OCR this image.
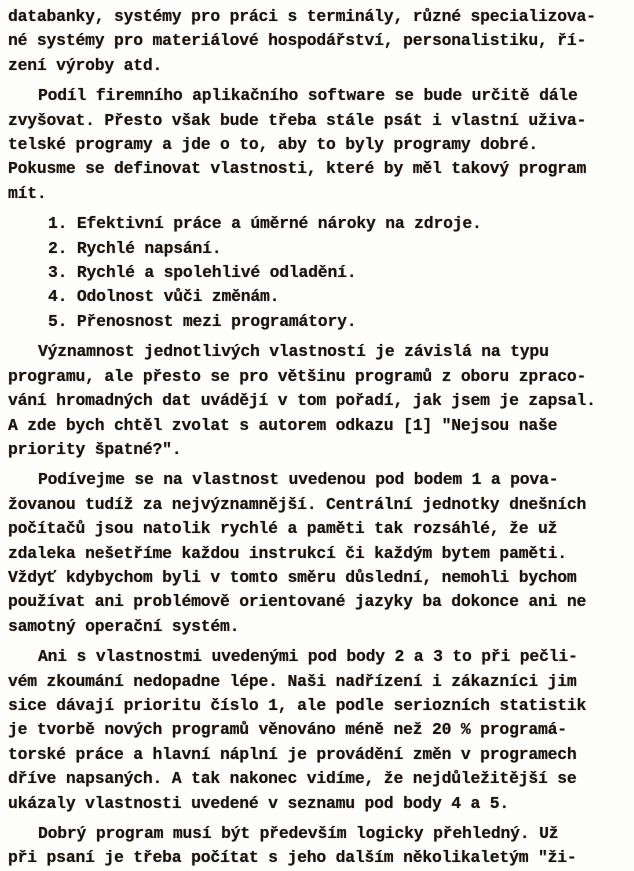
databanky, systémy pro práci s terminály, různé specializova-
né systémy pro materiálové hospodářství, personalistiku, ří-
zení výroby atd.
Podíl firemního aplikačního software se bude určitě dále
zvyšovat. Přesto však bude třeba stále psát i vlastní uživa-
telské programy a jde o to, aby to byly programy dobré.
Pokusme se definovat vlastnosti, které by měl takový program
mít.
1. Efektivní práce a úměrné nároky na zdroje.
2. Rychlé napsání.
3. Rychlé a spolehlivé odladění.
4. Odolnost vůči změnám.
5. Přenosnost mezi programátory.
Významnost jednotlivých vlastností je závislá na typu
programu, ale přesto se pro většinu programů z oboru zpraco-
vání hromadných dat uvádějí v tom pořadí, jak jsem je zapsal.
A zde bych chtěl zvolat s autorem odkazu [1] "Nejsou naše
priority špatné?".
Podívejme se na vlastnost uvedenou pod bodem 1 a pova-
žovanou tudíž za nejvýznamnější. Centrální jednotky dnešních
počítačů jsou natolik rychlé a paměti tak rozsáhlé, že už
zdaleka nešetříme každou instrukcí či každým bytem paměti.
Vždyť kdybychom byli v tomto směru důslední, nemohli bychom
používat ani problémově orientované jazyky ba dokonce ani ne
samotný operační systém.
Ani s vlastnostmi uvedenými pod body 2 a 3 to při pečli-
vém zkoumání nedopadne lépe. Naši nadřízení i zákazníci jim
sice dávají prioritu číslo 1, ale podle seriozních statistik
je tvorbě nových programů věnováno méně než 20 % programá-
torské práce a hlavní náplní je provádění změn v programech
dříve napsaných. A tak nakonec vidíme, že nejdůležitější se
ukázaly vlastnosti uvedené v seznamu pod body 4 a 5.
Dobrý program musí být především logicky přehledný. Už
při psaní je třeba počítat s jeho dalším několikaletým "ži-
